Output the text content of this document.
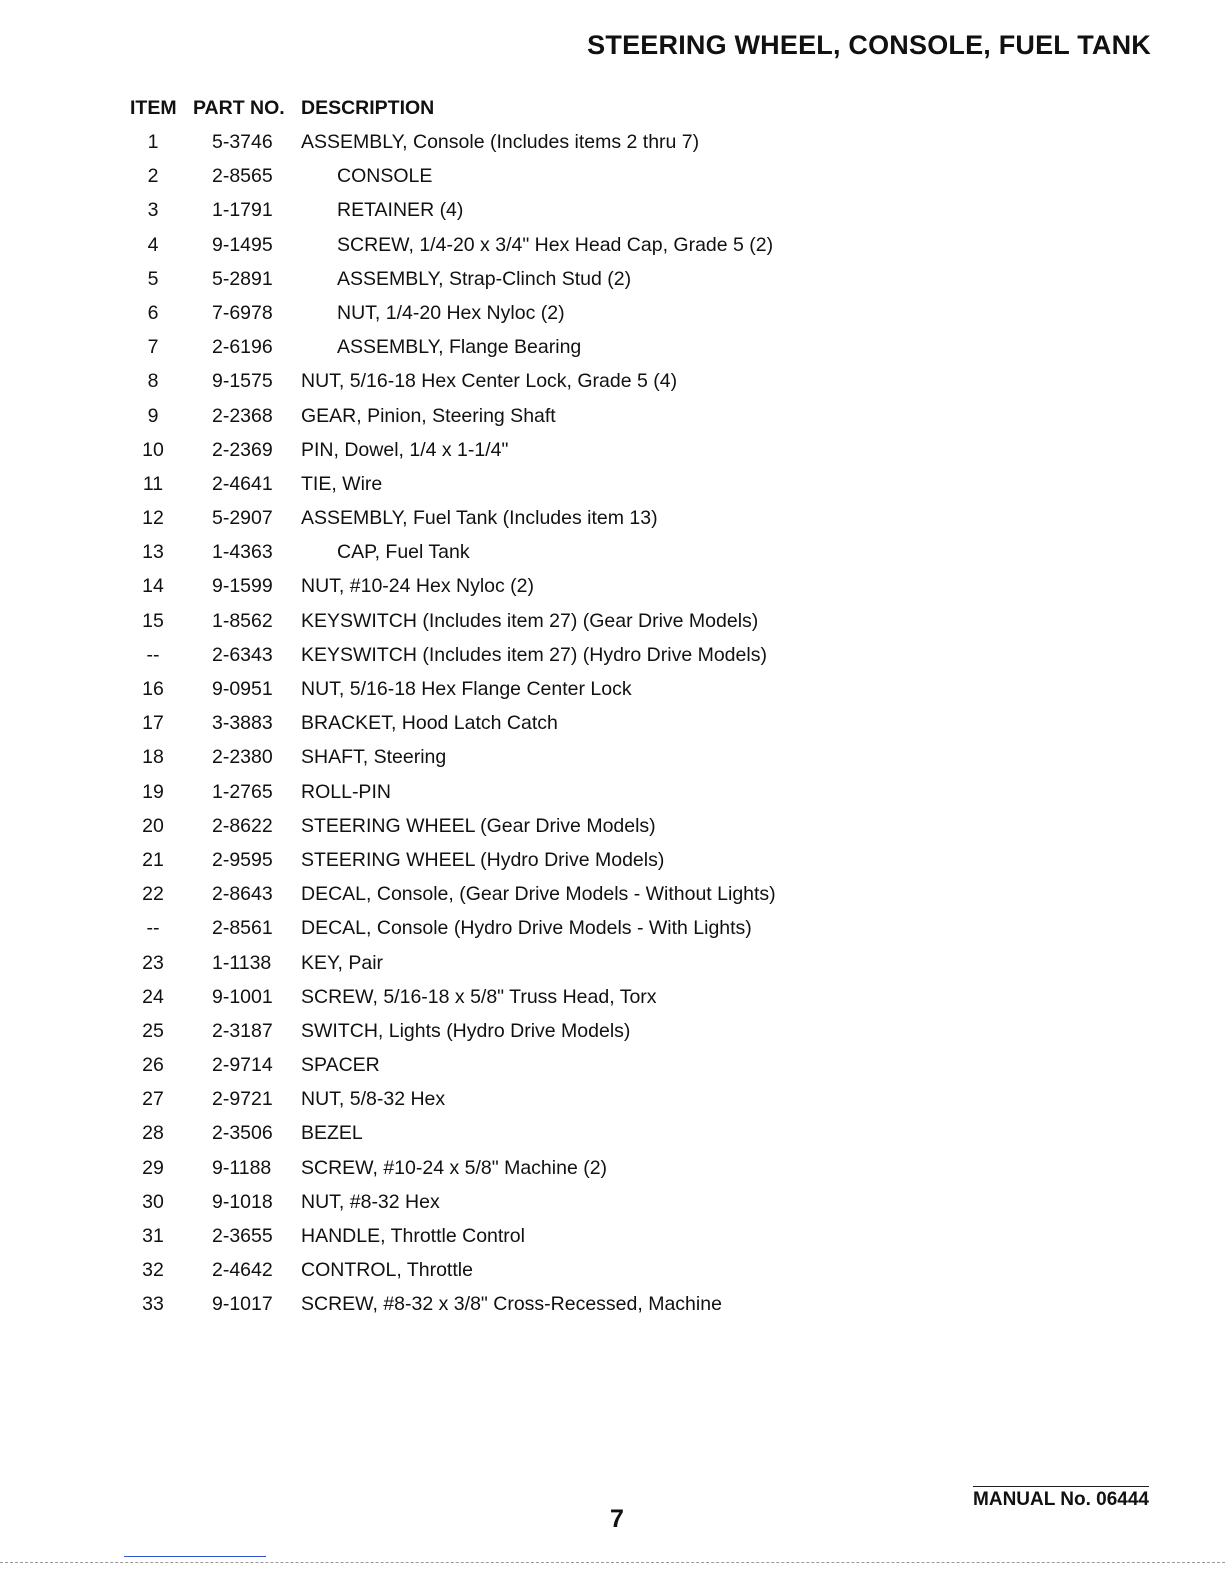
STEERING WHEEL, CONSOLE, FUEL TANK
ITEM PART NO. DESCRIPTION
1	5-3746 ASSEMBLY, Console (Includes items 2 thru 7)
2	2-8565	CONSOLE
3	1-1791	RETAINER (4)
4	9-1495	SCREW, 1/4-20 x 3/4" Hex Head Cap, Grade 5 (2)
5	5-2891	ASSEMBLY, Strap-Clinch Stud (2)
6	7-6978	NUT, 1/4-20 Hex Nyloc (2)
7	2-6196	ASSEMBLY, Flange Bearing
8	9-1575 NUT, 5/16-18 Hex Center Lock, Grade 5 (4)
9	2-2368 GEAR, Pinion, Steering Shaft
10	2-2369 PIN, Dowel, 1/4 x 1-1/4"
11	2-4641 TIE, Wire
12	5-2907 ASSEMBLY, Fuel Tank (Includes item 13)
13	1-4363	CAP, Fuel Tank
14	9-1599 NUT, #10-24 Hex Nyloc (2)
15	1-8562 KEYSWITCH (Includes item 27) (Gear Drive Models)
--	2-6343 KEYSWITCH (Includes item 27) (Hydro Drive Models)
16	9-0951 NUT, 5/16-18 Hex Flange Center Lock
17	3-3883 BRACKET, Hood Latch Catch
18	2-2380 SHAFT, Steering
19	1-2765 ROLL-PIN
20	2-8622 STEERING WHEEL (Gear Drive Models)
21	2-9595 STEERING WHEEL (Hydro Drive Models)
22	2-8643 DECAL, Console, (Gear Drive Models - Without Lights)
--	2-8561 DECAL, Console (Hydro Drive Models - With Lights)
23	1-1138 KEY, Pair
24	9-1001 SCREW, 5/16-18 x 5/8" Truss Head, Torx
25	2-3187 SWITCH, Lights (Hydro Drive Models)
26	2-9714 SPACER
27	2-9721 NUT, 5/8-32 Hex
28	2-3506 BEZEL
29	9-1188 SCREW, #10-24 x 5/8" Machine (2)
30	9-1018 NUT, #8-32 Hex
31	2-3655 HANDLE, Throttle Control
32	2-4642 CONTROL, Throttle
33	9-1017 SCREW, #8-32 x 3/8" Cross-Recessed, Machine
7
MANUAL No. 06444
